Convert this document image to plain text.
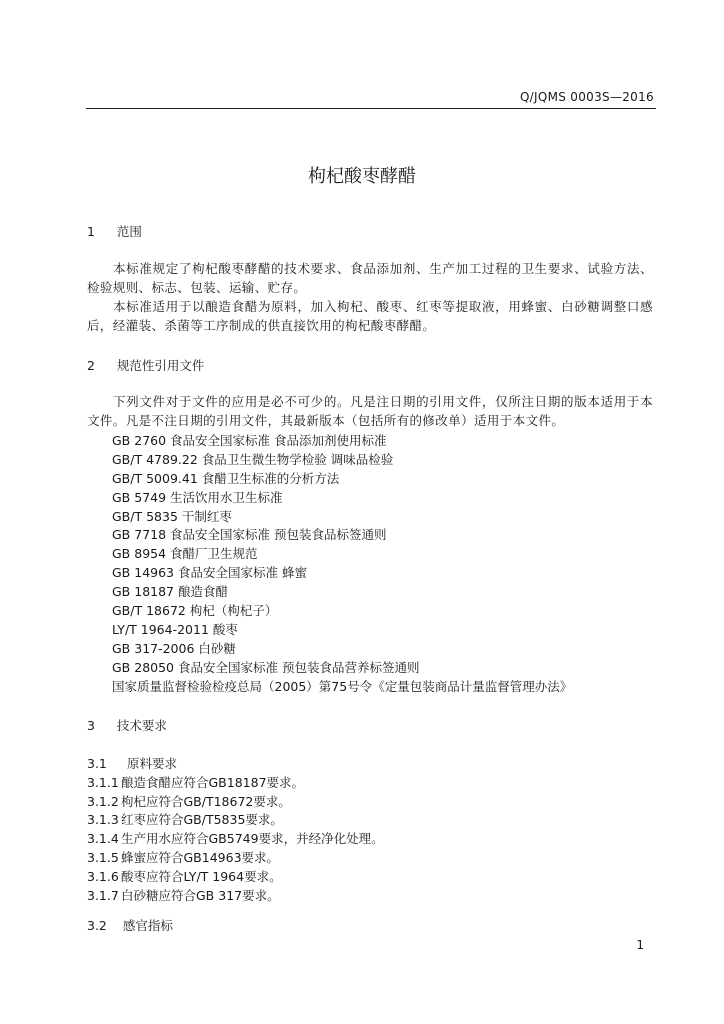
Q/JQMS 0003S—2016
枸杞酸枣酵醋
1 范围
本标准规定了枸杞酸枣酵醋的技术要求、食品添加剂、生产加工过程的卫生要求、试验方法、检验规则、标志、包装、运输、贮存。
本标准适用于以酿造食醋为原料，加入枸杞、酸枣、红枣等提取液，用蜂蜜、白砂糖调整口感后，经灌装、杀菌等工序制成的供直接饮用的枸杞酸枣酵醋。
2 规范性引用文件
下列文件对于文件的应用是必不可少的。凡是注日期的引用文件，仅所注日期的版本适用于本文件。凡是不注日期的引用文件，其最新版本（包括所有的修改单）适用于本文件。
GB 2760 食品安全国家标准 食品添加剂使用标准
GB/T 4789.22 食品卫生微生物学检验 调味品检验
GB/T 5009.41 食醋卫生标准的分析方法
GB 5749 生活饮用水卫生标准
GB/T 5835 干制红枣
GB 7718 食品安全国家标准 预包装食品标签通则
GB 8954 食醋厂卫生规范
GB 14963 食品安全国家标准 蜂蜜
GB 18187 酿造食醋
GB/T 18672 枸杞（枸杞子）
LY/T 1964-2011 酸枣
GB 317-2006 白砂糖
GB 28050 食品安全国家标准 预包装食品营养标签通则
国家质量监督检验检疫总局（2005）第75号令《定量包装商品计量监督管理办法》
3 技术要求
3.1 原料要求
3.1.1 酿造食醋应符合GB18187要求。
3.1.2 枸杞应符合GB/T18672要求。
3.1.3 红枣应符合GB/T5835要求。
3.1.4 生产用水应符合GB5749要求，并经净化处理。
3.1.5 蜂蜜应符合GB14963要求。
3.1.6 酸枣应符合LY/T 1964要求。
3.1.7 白砂糖应符合GB 317要求。
3.2 感官指标
1
